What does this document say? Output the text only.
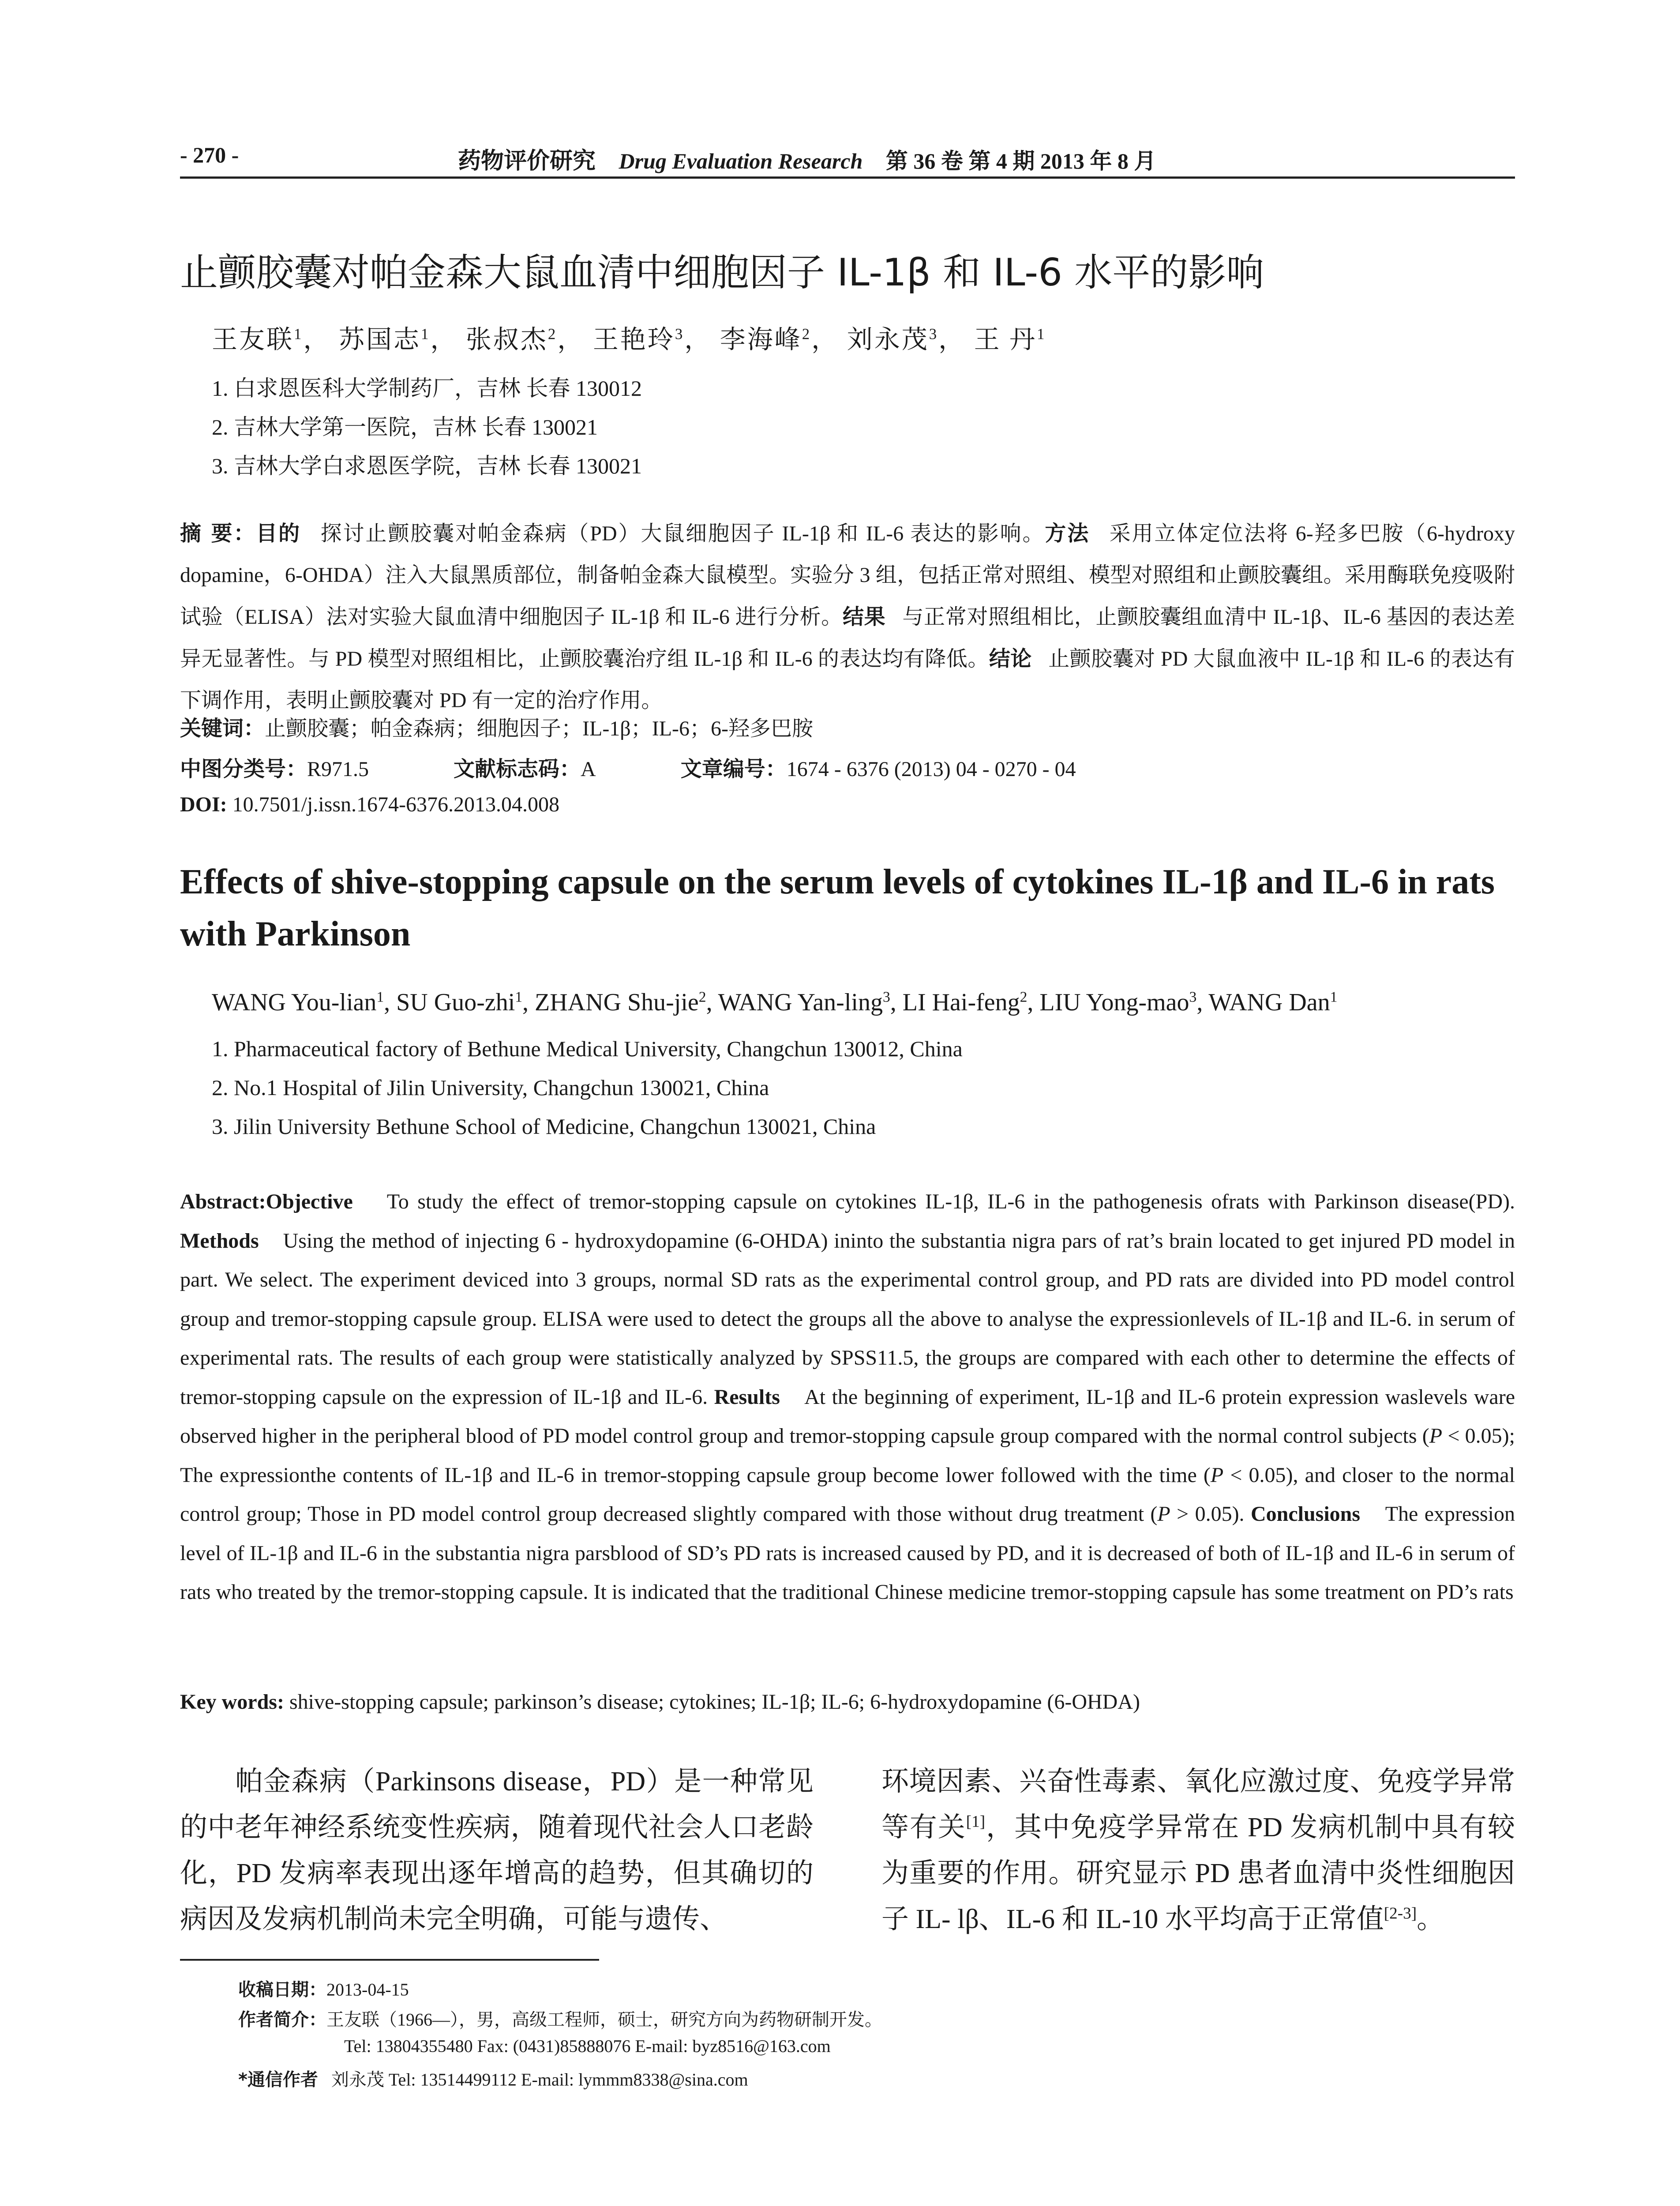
- 270 -	药物评价研究 Drug Evaluation Research 第 36 卷 第 4 期 2013 年 8 月
止颤胶囊对帕金森大鼠血清中细胞因子 IL-1β 和 IL-6 水平的影响
王友联$^1$， 苏国志$^1$， 张叔杰$^2$， 王艳玲$^3$， 李海峰$^2$， 刘永茂$^3$， 王 丹$^1$
1. 白求恩医科大学制药厂，吉林 长春 130012
2. 吉林大学第一医院，吉林 长春 130021
3. 吉林大学白求恩医学院，吉林 长春 130021
摘 要：目的 探讨止颤胶囊对帕金森病（PD）大鼠细胞因子 IL-1β 和 IL-6 表达的影响。方法 采用立体定位法将 6-羟多巴胺（6-hydroxy dopamine，6-OHDA）注入大鼠黑质部位，制备帕金森大鼠模型。实验分 3 组，包括正常对照组、模型对照组和止颤胶囊组。采用酶联免疫吸附试验（ELISA）法对实验大鼠血清中细胞因子 IL-1β 和 IL-6 进行分析。结果 与正常对照组相比，止颤胶囊组血清中 IL-1β、IL-6 基因的表达差异无显著性。与 PD 模型对照组相比，止颤胶囊治疗组 IL-1β 和 IL-6 的表达均有降低。结论 止颤胶囊对 PD 大鼠血液中 IL-1β 和 IL-6 的表达有下调作用，表明止颤胶囊对 PD 有一定的治疗作用。
关键词：止颤胶囊；帕金森病；细胞因子；IL-1β；IL-6；6-羟多巴胺
中图分类号：R971.5	文献标志码：A	文章编号：1674 - 6376 (2013) 04 - 0270 - 04
DOI: 10.7501/j.issn.1674-6376.2013.04.008
Effects of shive-stopping capsule on the serum levels of cytokines IL-1β and IL-6 in rats with Parkinson
WANG You-lian$^1$, SU Guo-zhi$^1$, ZHANG Shu-jie$^2$, WANG Yan-ling$^3$, LI Hai-feng$^2$, LIU Yong-mao$^3$, WANG Dan$^1$
1. Pharmaceutical factory of Bethune Medical University, Changchun 130012, China
2. No.1 Hospital of Jilin University, Changchun 130021, China
3. Jilin University Bethune School of Medicine, Changchun 130021, China
Abstract:Objective To study the effect of tremor-stopping capsule on cytokines IL-1β, IL-6 in the pathogenesis ofrats with Parkinson disease(PD). Methods Using the method of injecting 6 - hydroxydopamine (6-OHDA) ininto the substantia nigra pars of rat’s brain located to get injured PD model in part. We select. The experiment deviced into 3 groups, normal SD rats as the experimental control group, and PD rats are divided into PD model control group and tremor-stopping capsule group. ELISA were used to detect the groups all the above to analyse the expressionlevels of IL-1β and IL-6. in serum of experimental rats. The results of each group were statistically analyzed by SPSS11.5, the groups are compared with each other to determine the effects of tremor-stopping capsule on the expression of IL-1β and IL-6. Results At the beginning of experiment, IL-1β and IL-6 protein expression waslevels ware observed higher in the peripheral blood of PD model control group and tremor-stopping capsule group compared with the normal control subjects (P < 0.05); The expressionthe contents of IL-1β and IL-6 in tremor-stopping capsule group become lower followed with the time (P < 0.05), and closer to the normal control group; Those in PD model control group decreased slightly compared with those without drug treatment (P > 0.05). Conclusions The expression level of IL-1β and IL-6 in the substantia nigra parsblood of SD’s PD rats is increased caused by PD, and it is decreased of both of IL-1β and IL-6 in serum of rats who treated by the tremor-stopping capsule. It is indicated that the traditional Chinese medicine tremor-stopping capsule has some treatment on PD’s rats
Key words: shive-stopping capsule; parkinson’s disease; cytokines; IL-1β; IL-6; 6-hydroxydopamine (6-OHDA)
帕金森病（Parkinsons disease，PD）是一种常见的中老年神经系统变性疾病，随着现代社会人口老龄化，PD 发病率表现出逐年增高的趋势，但其确切的病因及发病机制尚未完全明确，可能与遗传、
环境因素、兴奋性毒素、氧化应激过度、免疫学异常等有关[1]，其中免疫学异常在 PD 发病机制中具有较为重要的作用。研究显示 PD 患者血清中炎性细胞因子 IL- lβ、IL-6 和 IL-10 水平均高于正常值[2-3]。
收稿日期：2013-04-15
作者简介：王友联（1966—），男，高级工程师，硕士，研究方向为药物研制开发。
Tel: 13804355480 Fax: (0431)85888076 E-mail: byz8516@163.com
*通信作者 刘永茂 Tel: 13514499112 E-mail: lymmm8338@sina.com
